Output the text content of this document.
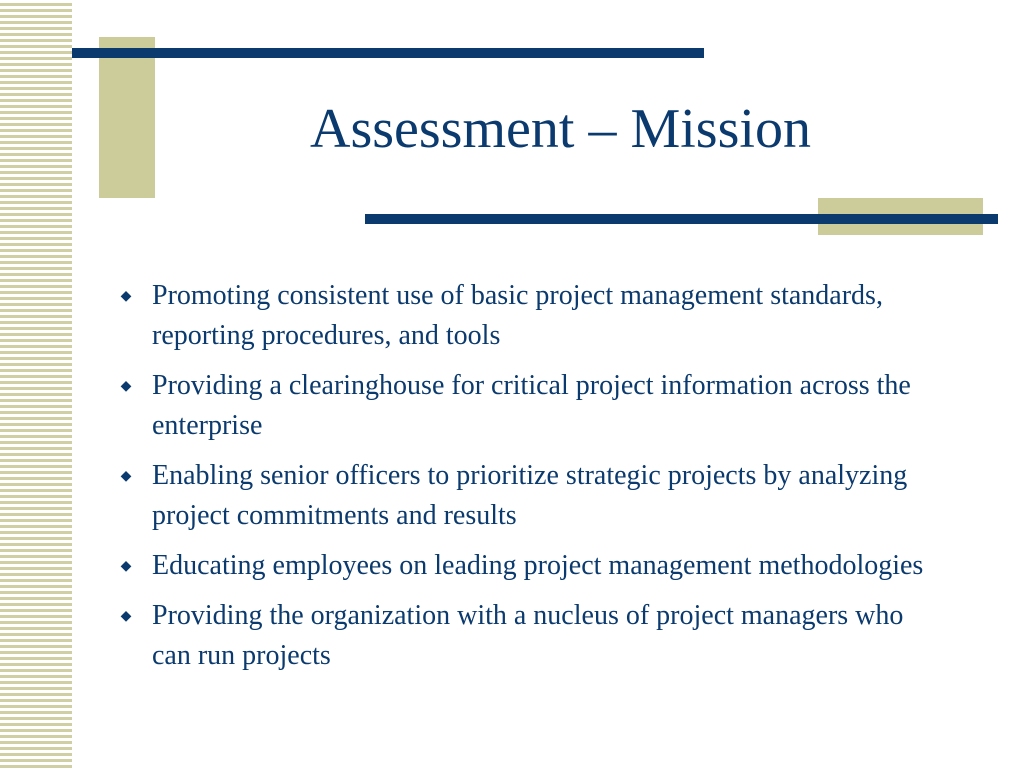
Assessment – Mission
◆ Promoting consistent use of basic project management standards, reporting procedures, and tools
◆ Providing a clearinghouse for critical project information across the enterprise
◆ Enabling senior officers to prioritize strategic projects by analyzing project commitments and results
◆ Educating employees on leading project management methodologies
◆ Providing the organization with a nucleus of project managers who can run projects
